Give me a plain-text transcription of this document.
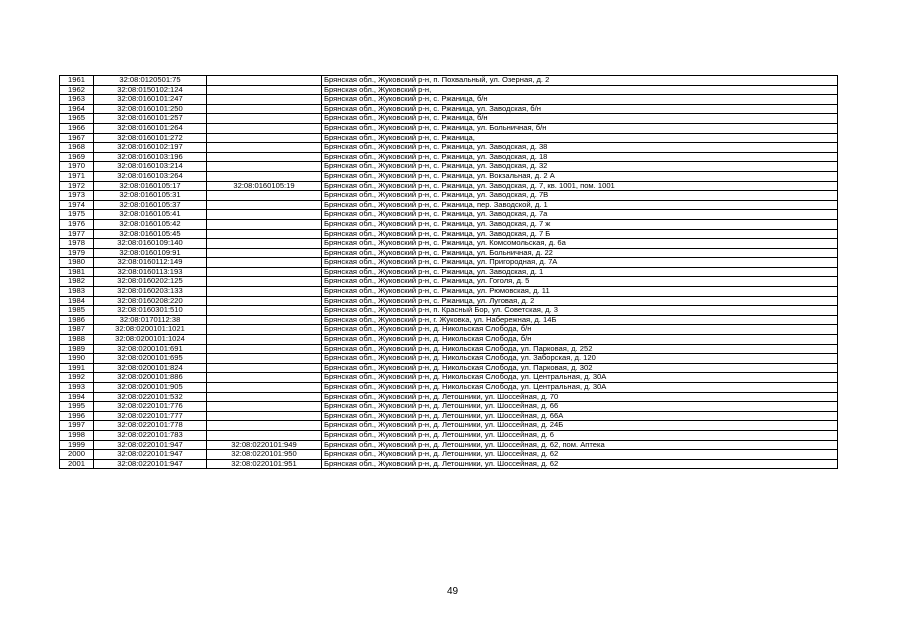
1961	32:08:0120501:75		Брянская обл., Жуковский р-н, п. Похвальный, ул. Озерная, д. 2
1962	32:08:0150102:124		Брянская обл., Жуковский р-н,
1963	32:08:0160101:247		Брянская обл., Жуковский р-н, с. Ржаница, б/н
1964	32:08:0160101:250		Брянская обл., Жуковский р-н, с. Ржаница, ул. Заводская, б/н
1965	32:08:0160101:257		Брянская обл., Жуковский р-н, с. Ржаница, б/н
1966	32:08:0160101:264		Брянская обл., Жуковский р-н, с. Ржаница, ул. Больничная, б/н
1967	32:08:0160101:272		Брянская обл., Жуковский р-н, с. Ржаница,
1968	32:08:0160102:197		Брянская обл., Жуковский р-н, с. Ржаница, ул. Заводская, д. 38
1969	32:08:0160103:196		Брянская обл., Жуковский р-н, с. Ржаница, ул. Заводская, д. 18
1970	32:08:0160103:214		Брянская обл., Жуковский р-н, с. Ржаница, ул. Заводская, д. 32
1971	32:08:0160103:264		Брянская обл., Жуковский р-н, с. Ржаница, ул. Вокзальная, д. 2 А
1972	32:08:0160105:17	32:08:0160105:19	Брянская обл., Жуковский р-н, с. Ржаница, ул. Заводская, д. 7, кв. 1001, пом. 1001
1973	32:08:0160105:31		Брянская обл., Жуковский р-н, с. Ржаница, ул. Заводская, д. 7В
1974	32:08:0160105:37		Брянская обл., Жуковский р-н, с. Ржаница, пер. Заводской, д. 1
1975	32:08:0160105:41		Брянская обл., Жуковский р-н, с. Ржаница, ул. Заводская, д. 7а
1976	32:08:0160105:42		Брянская обл., Жуковский р-н, с. Ржаница, ул. Заводская, д. 7 ж
1977	32:08:0160105:45		Брянская обл., Жуковский р-н, с. Ржаница, ул. Заводская, д. 7 Б
1978	32:08:0160109:140		Брянская обл., Жуковский р-н, с. Ржаница, ул. Комсомольская, д. 6а
1979	32:08:0160109:91		Брянская обл., Жуковский р-н, с. Ржаница, ул. Больничная, д. 22
1980	32:08:0160112:149		Брянская обл., Жуковский р-н, с. Ржаница, ул. Пригородная, д. 7А
1981	32:08:0160113:193		Брянская обл., Жуковский р-н, с. Ржаница, ул. Заводская, д. 1
1982	32:08:0160202:125		Брянская обл., Жуковский р-н, с. Ржаница, ул. Гоголя, д. 5
1983	32:08:0160203:133		Брянская обл., Жуковский р-н, с. Ржаница, ул. Рюмовская, д. 11
1984	32:08:0160208:220		Брянская обл., Жуковский р-н, с. Ржаница, ул. Луговая, д. 2
1985	32:08:0160301:510		Брянская обл., Жуковский р-н, п. Красный Бор, ул. Советская, д. 3
1986	32:08:0170112:38		Брянская обл., Жуковский р-н, г. Жуковка, ул. Набережная, д. 14Б
1987	32:08:0200101:1021		Брянская обл., Жуковский р-н, д. Никольская Слобода, б/н
1988	32:08:0200101:1024		Брянская обл., Жуковский р-н, д. Никольская Слобода, б/н
1989	32:08:0200101:691		Брянская обл., Жуковский р-н, д. Никольская Слобода, ул. Парковая, д. 252
1990	32:08:0200101:695		Брянская обл., Жуковский р-н, д. Никольская Слобода, ул. Заборская, д. 120
1991	32:08:0200101:824		Брянская обл., Жуковский р-н, д. Никольская Слобода, ул. Парковая, д. 302
1992	32:08:0200101:886		Брянская обл., Жуковский р-н, д. Никольская Слобода, ул. Центральная, д. 30А
1993	32:08:0200101:905		Брянская обл., Жуковский р-н, д. Никольская Слобода, ул. Центральная, д. 30А
1994	32:08:0220101:532		Брянская обл., Жуковский р-н, д. Летошники, ул. Шоссейная, д. 70
1995	32:08:0220101:776		Брянская обл., Жуковский р-н, д. Летошники, ул. Шоссейная, д. 66
1996	32:08:0220101:777		Брянская обл., Жуковский р-н, д. Летошники, ул. Шоссейная, д. 66А
1997	32:08:0220101:778		Брянская обл., Жуковский р-н, д. Летошники, ул. Шоссейная, д. 24Б
1998	32:08:0220101:783		Брянская обл., Жуковский р-н, д. Летошники, ул. Шоссейная, д. 6
1999	32:08:0220101:947	32:08:0220101:949	Брянская обл., Жуковский р-н, д. Летошники, ул. Шоссейная, д. 62, пом. Аптека
2000	32:08:0220101:947	32:08:0220101:950	Брянская обл., Жуковский р-н, д. Летошники, ул. Шоссейная, д. 62
2001	32:08:0220101:947	32:08:0220101:951	Брянская обл., Жуковский р-н, д. Летошники, ул. Шоссейная, д. 62
49
